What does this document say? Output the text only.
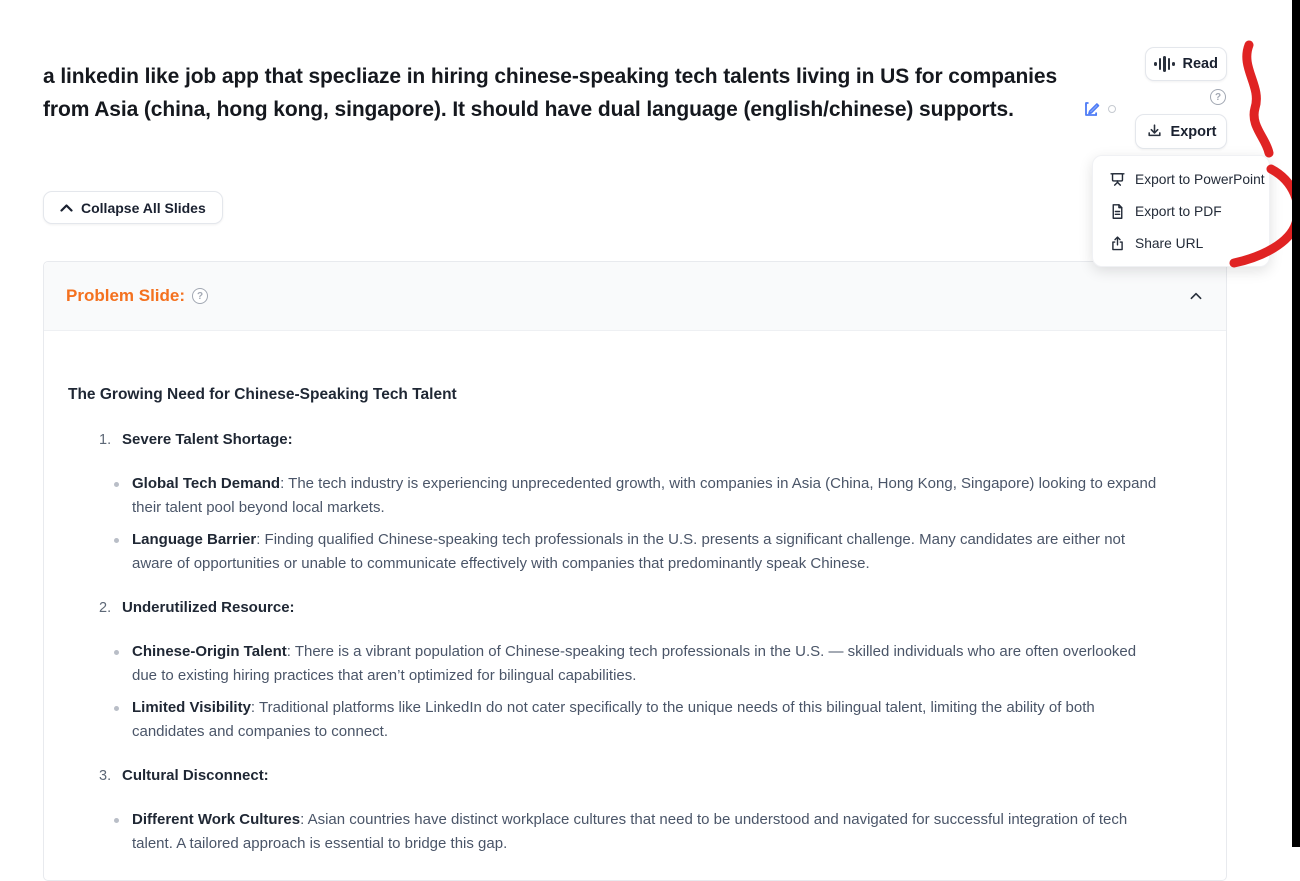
a linkedin like job app that specliaze in hiring chinese-speaking tech talents living in US for companies from Asia (china, hong kong, singapore). It should have dual language (english/chinese) supports.
Read
?
Export
Export to PowerPoint
Export to PDF
Share URL
Collapse All Slides
Problem Slide:	?
The Growing Need for Chinese-Speaking Tech Talent
1. Severe Talent Shortage:
Global Tech Demand: The tech industry is experiencing unprecedented growth, with companies in Asia (China, Hong Kong, Singapore) looking to expand their talent pool beyond local markets.
Language Barrier: Finding qualified Chinese-speaking tech professionals in the U.S. presents a significant challenge. Many candidates are either not aware of opportunities or unable to communicate effectively with companies that predominantly speak Chinese.
2. Underutilized Resource:
Chinese-Origin Talent: There is a vibrant population of Chinese-speaking tech professionals in the U.S. — skilled individuals who are often overlooked due to existing hiring practices that aren’t optimized for bilingual capabilities.
Limited Visibility: Traditional platforms like LinkedIn do not cater specifically to the unique needs of this bilingual talent, limiting the ability of both candidates and companies to connect.
3. Cultural Disconnect:
Different Work Cultures: Asian countries have distinct workplace cultures that need to be understood and navigated for successful integration of tech talent. A tailored approach is essential to bridge this gap.
